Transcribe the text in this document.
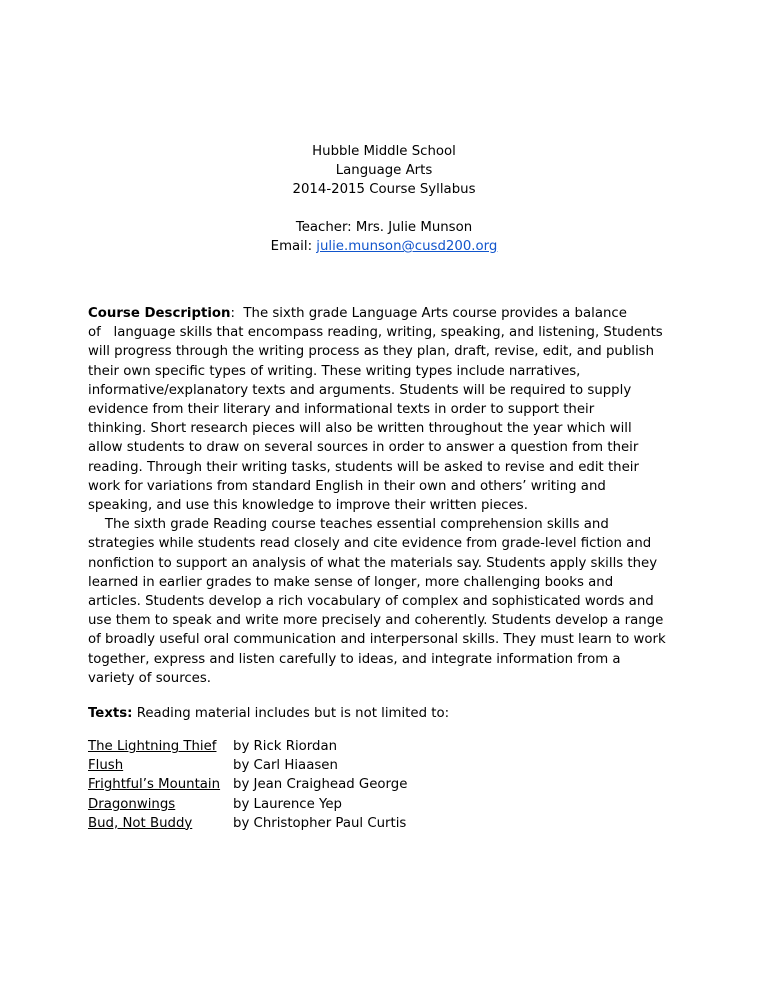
Hubble Middle School
Language Arts
2014-2015 Course Syllabus
Teacher: Mrs. Julie Munson
Email: julie.munson@cusd200.org
Course Description:  The sixth grade Language Arts course provides a balance
of   language skills that encompass reading, writing, speaking, and listening, Students
will progress through the writing process as they plan, draft, revise, edit, and publish
their own specific types of writing. These writing types include narratives,
informative/explanatory texts and arguments. Students will be required to supply
evidence from their literary and informational texts in order to support their
thinking. Short research pieces will also be written throughout the year which will
allow students to draw on several sources in order to answer a question from their
reading. Through their writing tasks, students will be asked to revise and edit their
work for variations from standard English in their own and others’ writing and
speaking, and use this knowledge to improve their written pieces.
The sixth grade Reading course teaches essential comprehension skills and
strategies while students read closely and cite evidence from grade-level fiction and
nonfiction to support an analysis of what the materials say. Students apply skills they
learned in earlier grades to make sense of longer, more challenging books and
articles. Students develop a rich vocabulary of complex and sophisticated words and
use them to speak and write more precisely and coherently. Students develop a range
of broadly useful oral communication and interpersonal skills. They must learn to work
together, express and listen carefully to ideas, and integrate information from a
variety of sources.
Texts: Reading material includes but is not limited to:
The Lightning Thief by Rick Riordan
Flush	by Carl Hiaasen
Frightful’s Mountain by Jean Craighead George
Dragonwings	by Laurence Yep
Bud, Not Buddy	by Christopher Paul Curtis
